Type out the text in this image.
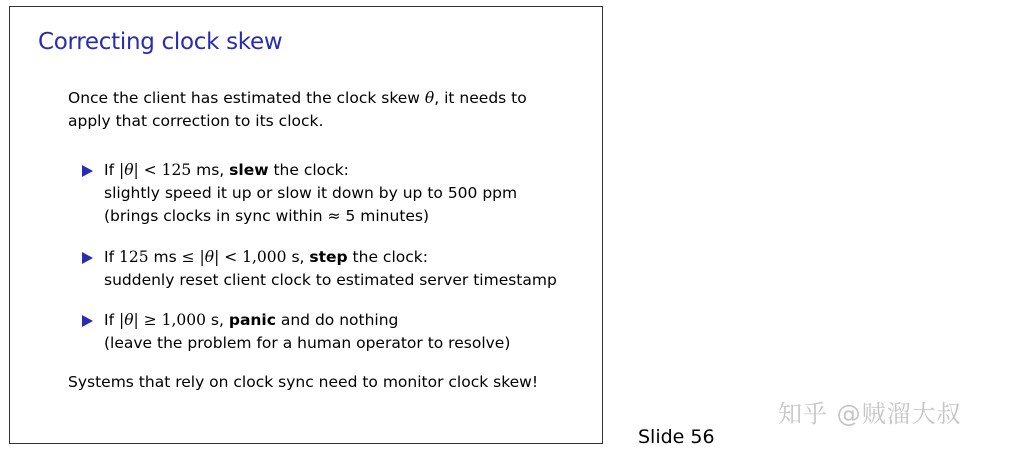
Correcting clock skew

Once the client has estimated the clock skew θ, it needs to
apply that correction to its clock.

If |θ| < 125 ms, slew the clock:
slightly speed it up or slow it down by up to 500 ppm
(brings clocks in sync within ≈ 5 minutes)
If 125 ms ≤ |θ| < 1,000 s, step the clock:
suddenly reset client clock to estimated server timestamp
If |θ| ≥ 1,000 s, panic and do nothing
(leave the problem for a human operator to resolve)

Systems that rely on clock sync need to monitor clock skew!

Slide 56
知乎 @贼溜大叔
